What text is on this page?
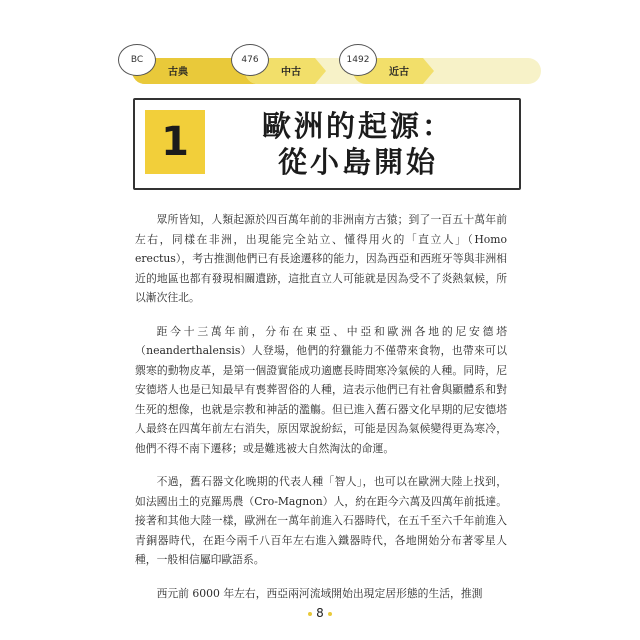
BC
古典
476
中古
1492
近古
1	歐洲的起源：
從小島開始

眾所皆知，人類起源於四百萬年前的非洲南方古猿；到了一百五十萬年前左右，同樣在非洲，出現能完全站立、懂得用火的「直立人」（Homo erectus），考古推測他們已有長途遷移的能力，因為西亞和西班牙等與非洲相近的地區也都有發現相關遺跡，這批直立人可能就是因為受不了炎熱氣候，所以漸次往北。

距今十三萬年前，分布在東亞、中亞和歐洲各地的尼安德塔（neanderthalensis）人登場，他們的狩獵能力不僅帶來食物，也帶來可以禦寒的動物皮革，是第一個證實能成功適應長時間寒冷氣候的人種。同時，尼安德塔人也是已知最早有喪葬習俗的人種，這表示他們已有社會與顯體系和對生死的想像，也就是宗教和神話的濫觴。但已進入舊石器文化早期的尼安德塔人最終在四萬年前左右消失，原因眾說紛紜，可能是因為氣候變得更為寒冷，他們不得不南下遷移；或是難逃被大自然淘汰的命運。

不過，舊石器文化晚期的代表人種「智人」，也可以在歐洲大陸上找到，如法國出土的克羅馬農（Cro-Magnon）人，約在距今六萬及四萬年前抵達。接著和其他大陸一樣，歐洲在一萬年前進入石器時代，在五千至六千年前進入青銅器時代，在距今兩千八百年左右進入鐵器時代，各地開始分布著零星人種，一般相信屬印歐語系。

西元前 6000 年左右，西亞兩河流域開始出現定居形態的生活，推測

8
